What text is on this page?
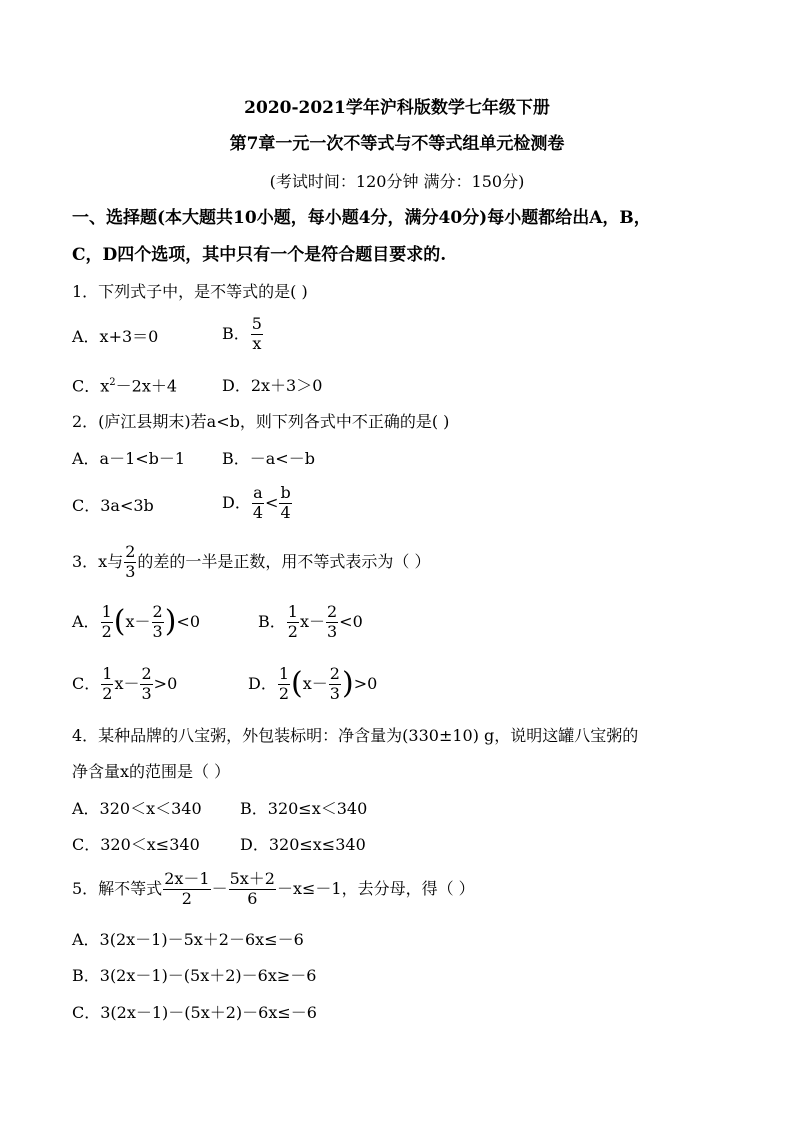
2020-2021学年沪科版数学七年级下册
第7章一元一次不等式与不等式组单元检测卷
(考试时间：120分钟 满分：150分)
一、选择题(本大题共10小题，每小题4分，满分40分)每小题都给出A，B，
C，D四个选项，其中只有一个是符合题目要求的.
1．下列式子中，是不等式的是( )
A．x+3＝0	B． $\frac{5}{x}$
C．$x^2-2x+4$	D．2x＋3＞0
2．(庐江县期末)若a<b，则下列各式中不正确的是( )
A．a－1<b－1 B．－a<－b
C．3a<3b	D． $\frac{a}{4} < \frac{b}{4}$
3．x与 $\frac{2}{3}$ 的差的一半是正数，用不等式表示为（ ）
A． $\frac{1}{2}$ ( $x- \frac{2}{3}$ ) <0	B． $\frac{1}{2} x- \frac{2}{3} <0$
C． $\frac{1}{2} x- \frac{2}{3} >0$	D． $\frac{1}{2}$ ( $x- \frac{2}{3}$ ) >0
4．某种品牌的八宝粥，外包装标明：净含量为(330±10) g，说明这罐八宝粥的
净含量x的范围是（ ）
A．320＜x＜340 B．320≤x＜340
C．320＜x≤340	D．320≤x≤340
5．解不等式 $\frac{2x-1}{2} - \frac{5x+2}{6} -x\le-1$，去分母，得（ ）
A．3(2x－1)－5x＋2－6x≤－6
B．3(2x－1)－(5x＋2)－6x≥－6
C．3(2x－1)－(5x＋2)－6x≤－6
